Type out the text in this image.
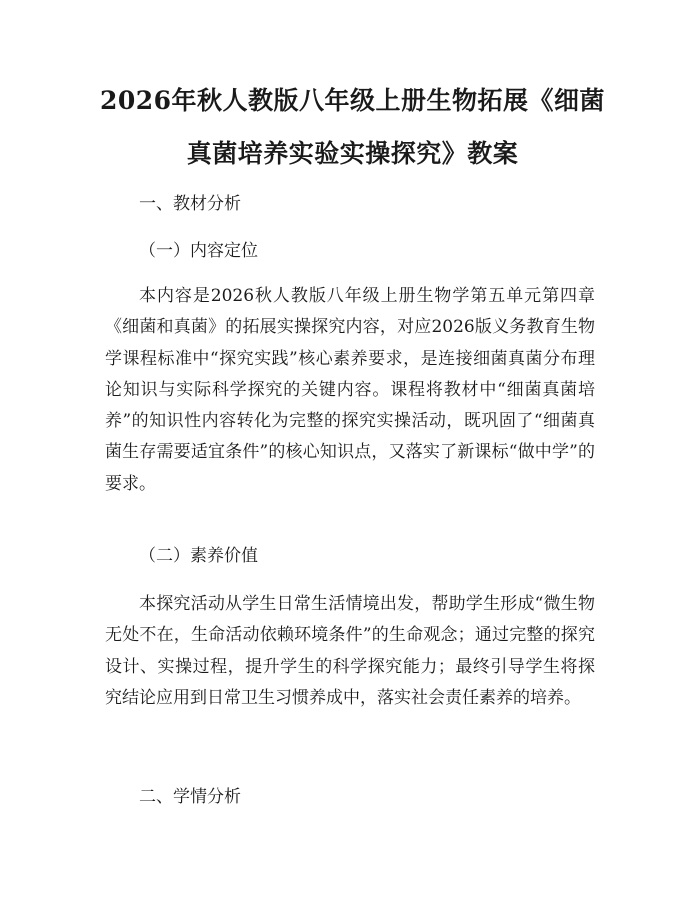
2026年秋人教版八年级上册生物拓展《细菌真菌培养实验实操探究》教案
一、教材分析
（一）内容定位

本内容是2026秋人教版八年级上册生物学第五单元第四章《细菌和真菌》的拓展实操探究内容，对应2026版义务教育生物学课程标准中“探究实践”核心素养要求，是连接细菌真菌分布理论知识与实际科学探究的关键内容。课程将教材中“细菌真菌培养”的知识性内容转化为完整的探究实操活动，既巩固了“细菌真菌生存需要适宜条件”的核心知识点，又落实了新课标“做中学”的要求。

（二）素养价值

本探究活动从学生日常生活情境出发，帮助学生形成“微生物无处不在，生命活动依赖环境条件”的生命观念；通过完整的探究设计、实操过程，提升学生的科学探究能力；最终引导学生将探究结论应用到日常卫生习惯养成中，落实社会责任素养的培养。

二、学情分析
